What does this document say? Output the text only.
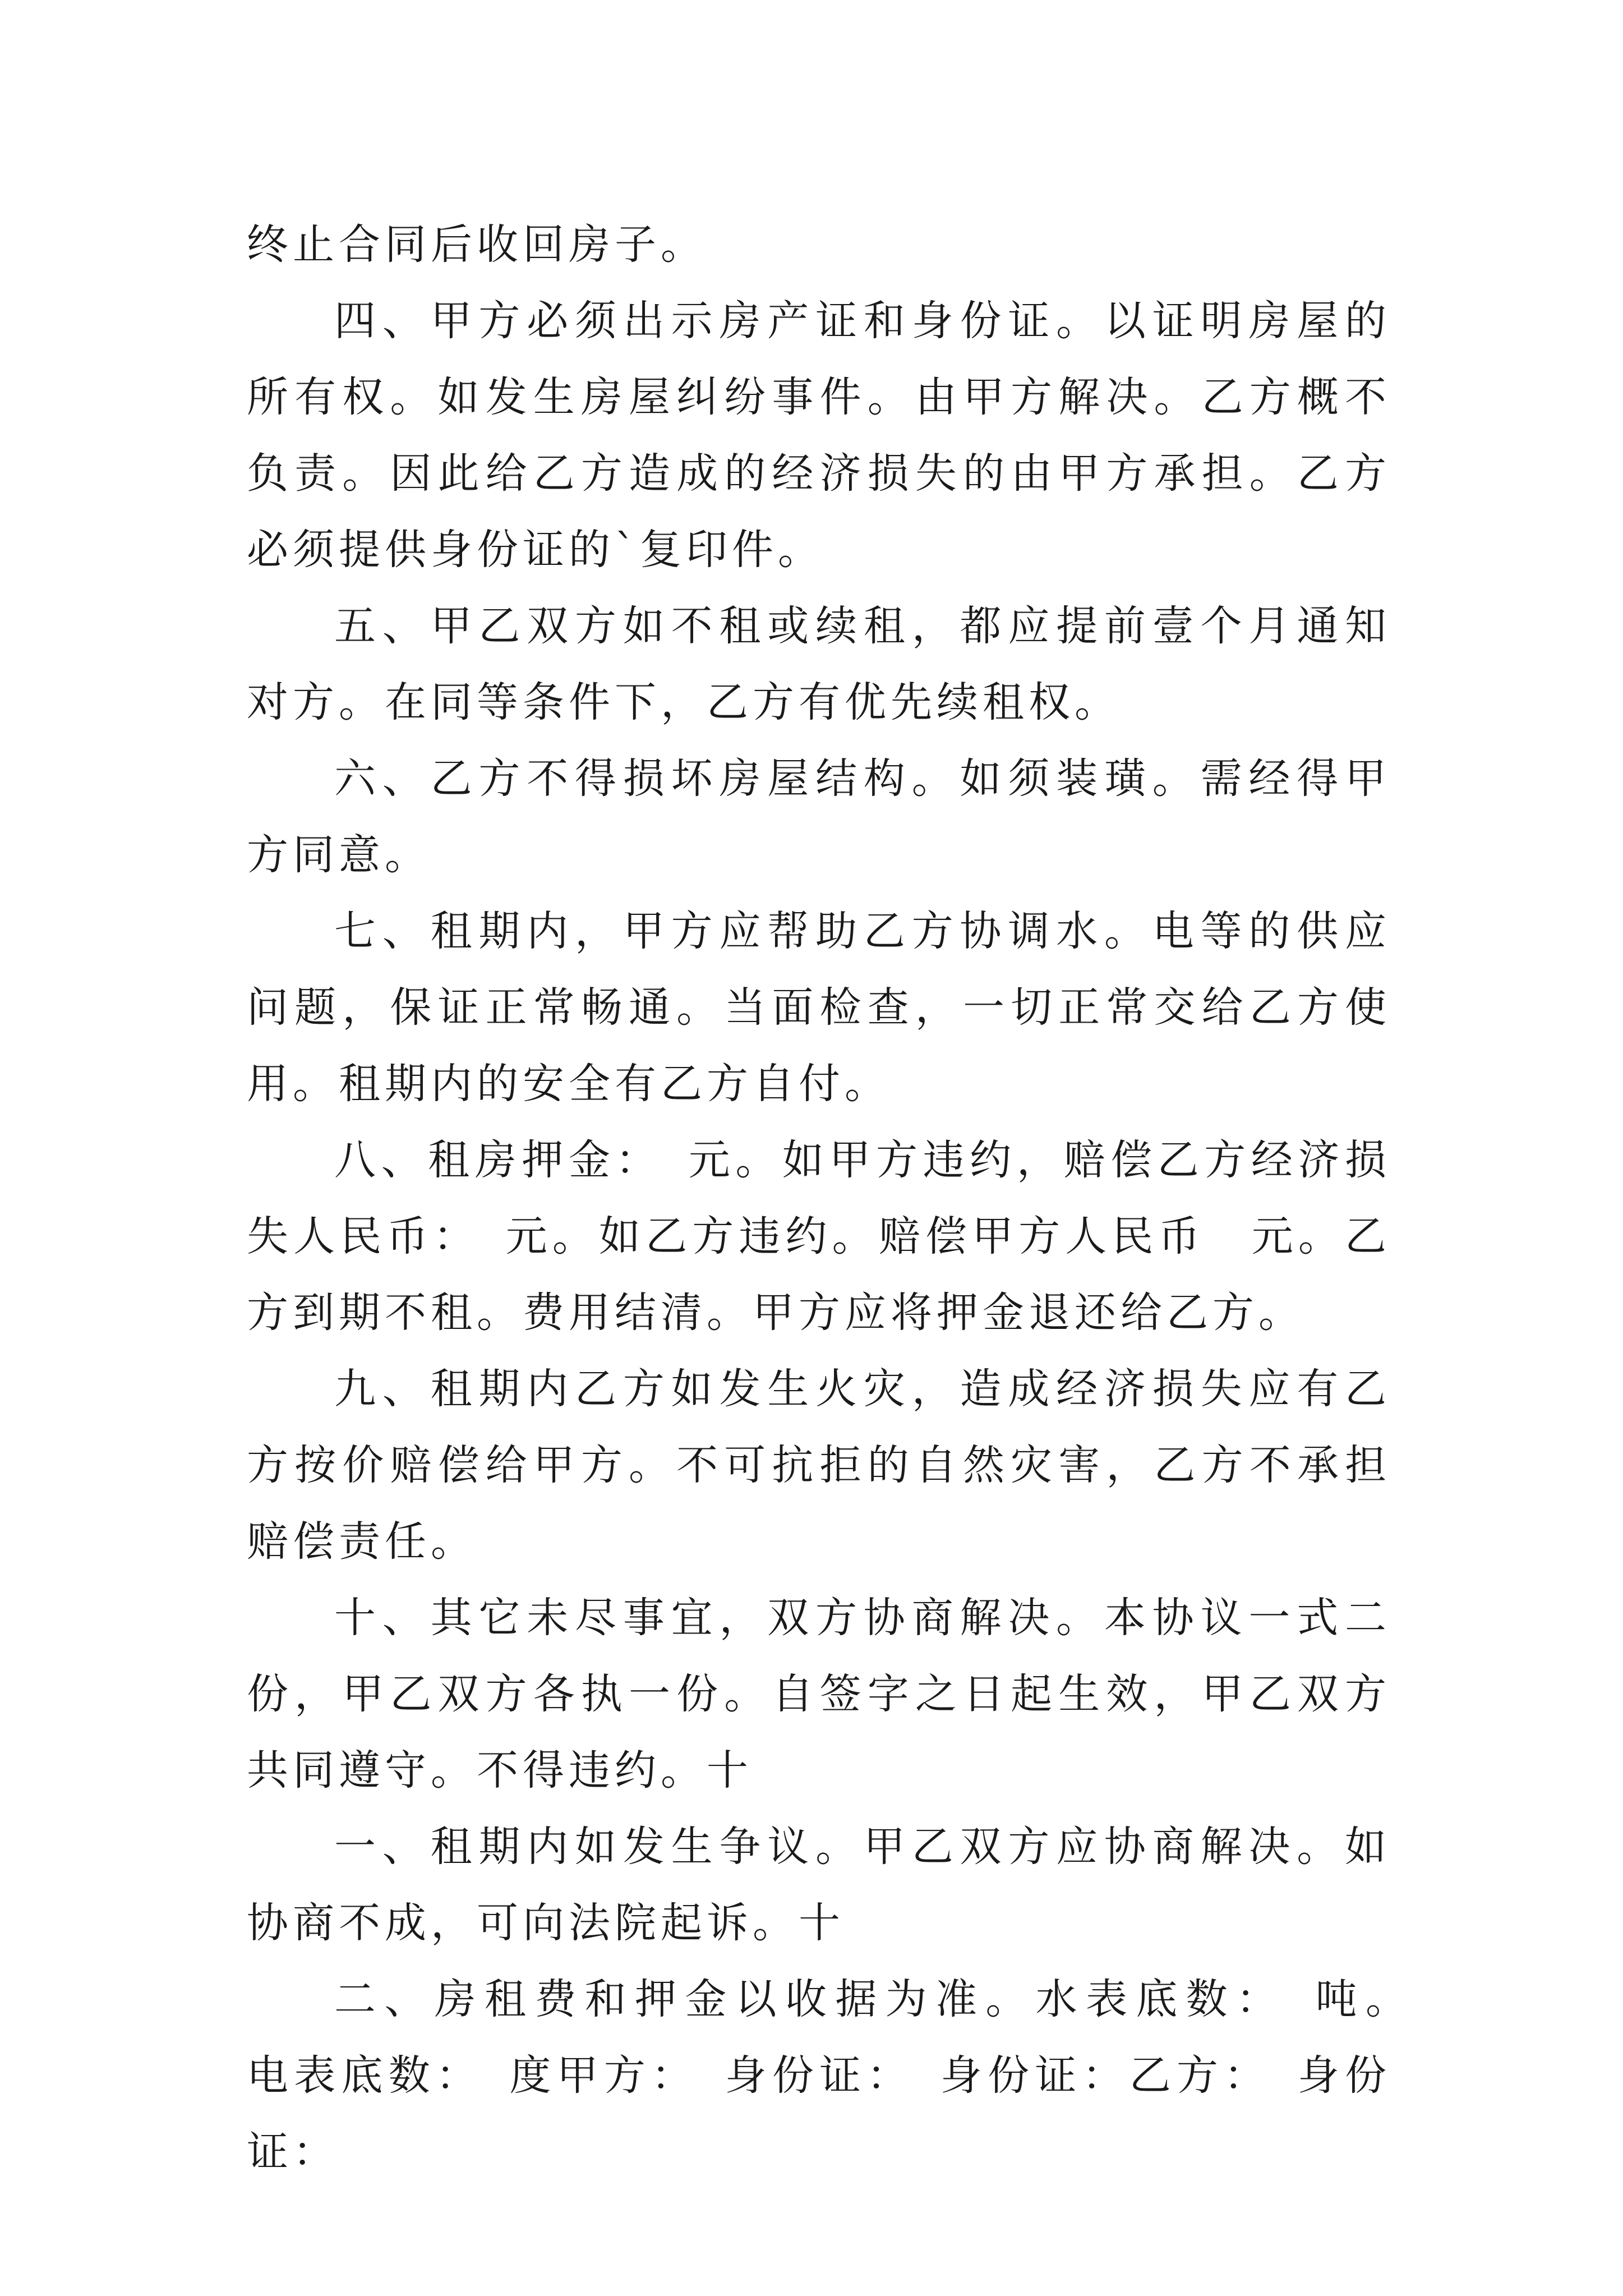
终止合同后收回房子。

四、甲方必须出示房产证和身份证。以证明房屋的所有权。如发生房屋纠纷事件。由甲方解决。乙方概不负责。因此给乙方造成的经济损失的由甲方承担。乙方必须提供身份证的`复印件。

五、甲乙双方如不租或续租，都应提前壹个月通知对方。在同等条件下，乙方有优先续租权。

六、乙方不得损坏房屋结构。如须装璜。需经得甲方同意。

七、租期内，甲方应帮助乙方协调水。电等的供应问题，保证正常畅通。当面检查，一切正常交给乙方使用。租期内的安全有乙方自付。

八、租房押金：　元。如甲方违约，赔偿乙方经济损失人民币：　元。如乙方违约。赔偿甲方人民币　元。乙方到期不租。费用结清。甲方应将押金退还给乙方。

九、租期内乙方如发生火灾，造成经济损失应有乙方按价赔偿给甲方。不可抗拒的自然灾害，乙方不承担赔偿责任。

十、其它未尽事宜，双方协商解决。本协议一式二份，甲乙双方各执一份。自签字之日起生效，甲乙双方共同遵守。不得违约。十

一、租期内如发生争议。甲乙双方应协商解决。如协商不成，可向法院起诉。十

二、房租费和押金以收据为准。水表底数：　吨。　电表底数：　度甲方：　身份证：　身份证：乙方：　身份证：
